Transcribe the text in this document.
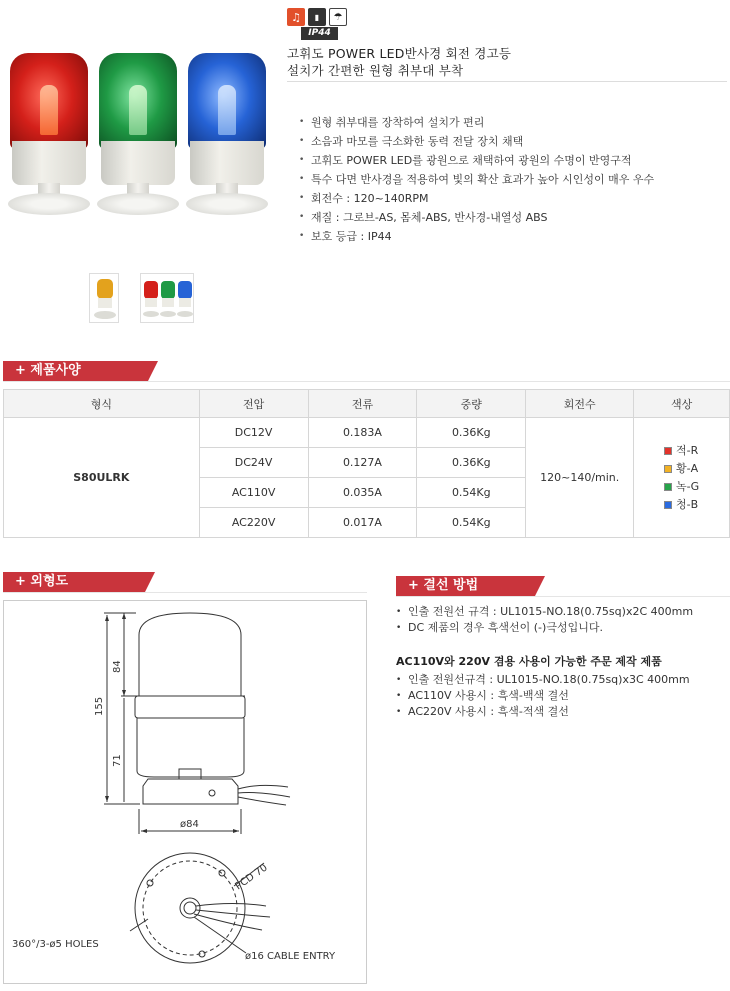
♫	▮	☂
IP44
고휘도 POWER LED반사경 회전 경고등
설치가 간편한 원형 취부대 부착
• 원형 취부대를 장착하여 설치가 편리
• 소음과 마모를 극소화한 동력 전달 장치 채택
• 고휘도 POWER LED를 광원으로 채택하여 광원의 수명이 반영구적
• 특수 다면 반사경을 적용하여 빛의 확산 효과가 높아 시인성이 매우 우수
• 회전수 : 120~140RPM
• 재질 : 그로브-AS, 몸체-ABS, 반사경-내열성 ABS
• 보호 등급 : IP44
+ 제품사양
형식	전압	전류	중량	회전수	색상
S80ULRK	DC12V	0.183A	0.36Kg	120~140/min.	적-R
황-A
녹-G
청-B

	DC24V	0.127A	0.36Kg		
	AC110V	0.035A	0.54Kg		
	AC220V	0.017A	0.54Kg		
+ 외형도
84
155
71
ø84
PCD 70
360°/3-ø5 HOLES
ø16 CABLE ENTRY
+ 결선 방법
• 인출 전원선 규격 : UL1015-NO.18(0.75sq)x2C 400mm
• DC 제품의 경우 흑색선이 (-)극성입니다.
AC110V와 220V 겸용 사용이 가능한 주문 제작 제품
• 인출 전원선규격 : UL1015-NO.18(0.75sq)x3C 400mm
• AC110V 사용시 : 흑색-백색 결선
• AC220V 사용시 : 흑색-적색 결선
